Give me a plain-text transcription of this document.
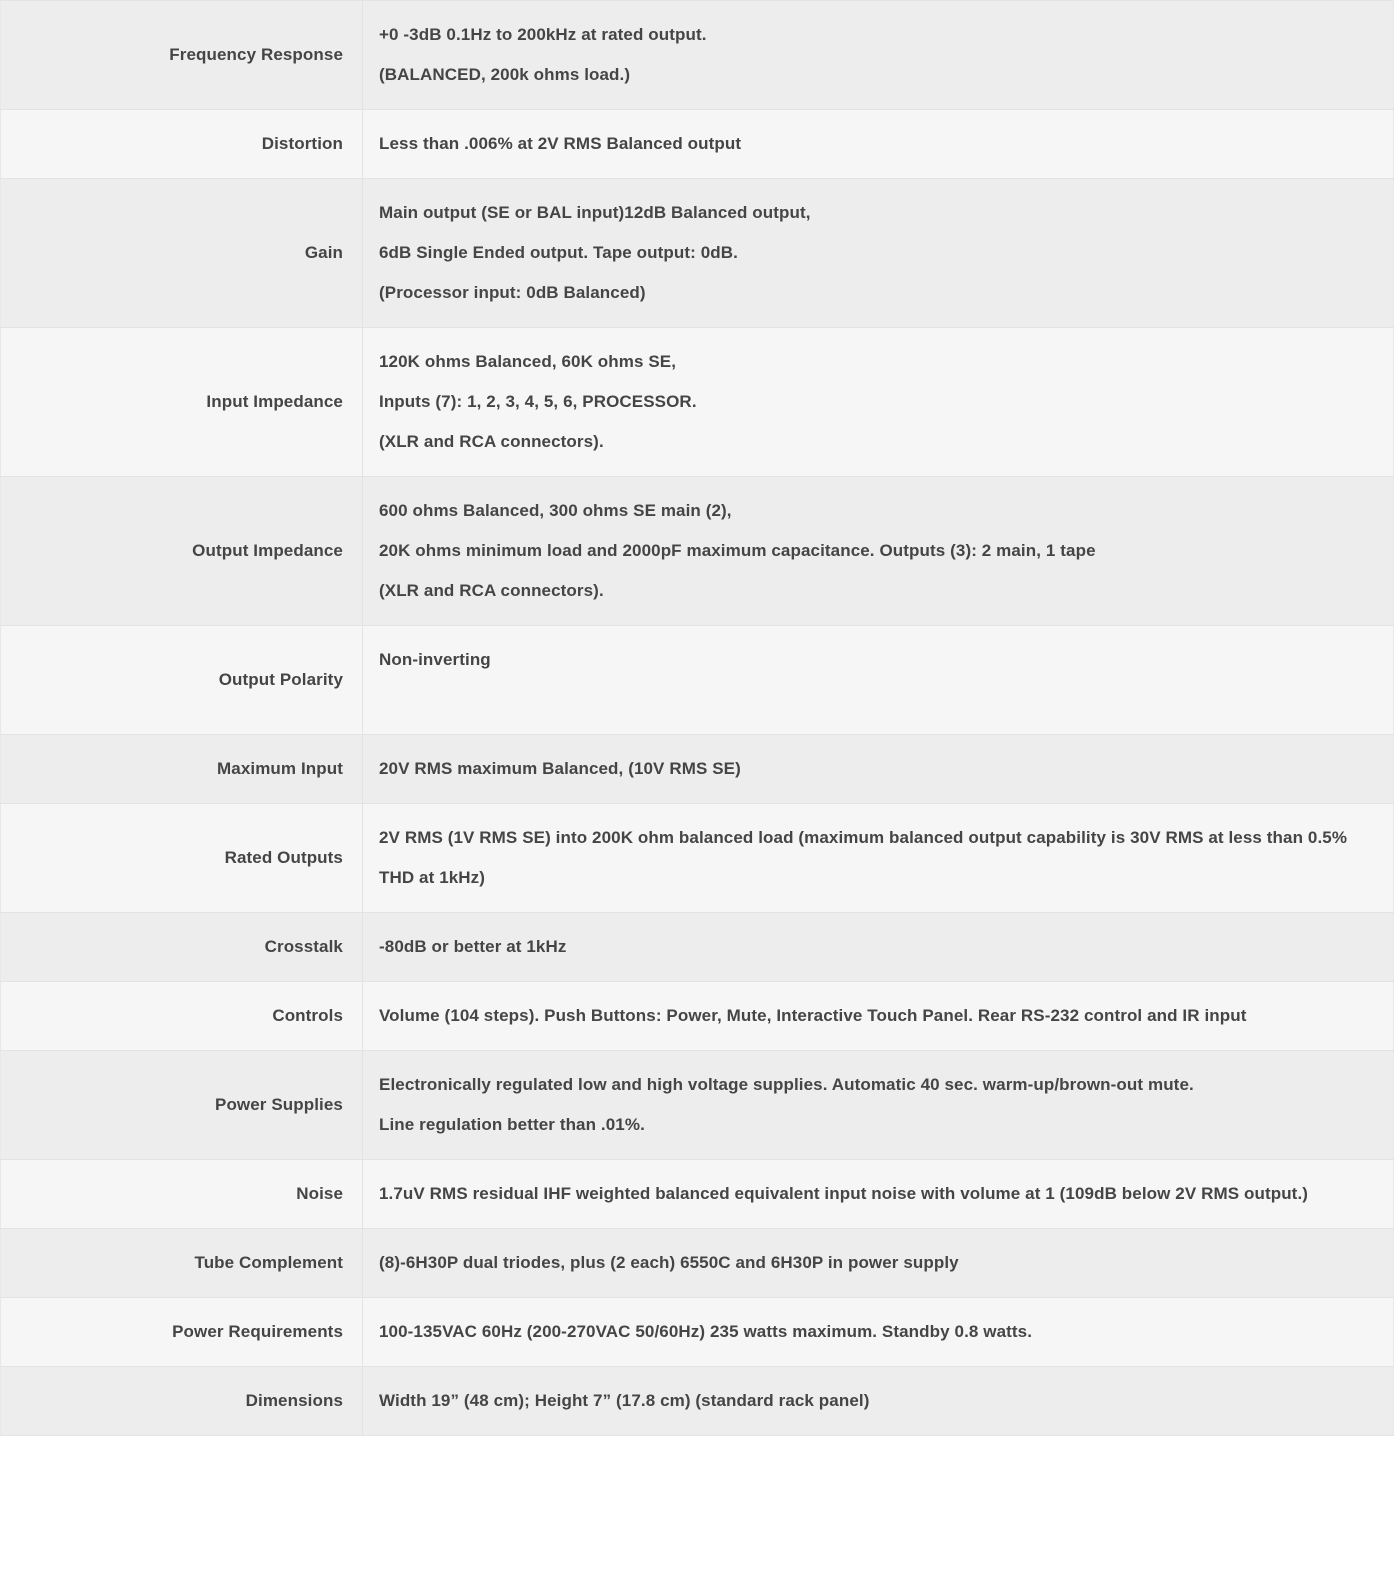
Frequency Response	+0 -3dB 0.1Hz to 200kHz at rated output.
(BALANCED, 200k ohms load.)

Distortion	Less than .006% at 2V RMS Balanced output

Gain	Main output (SE or BAL input)12dB Balanced output,
6dB Single Ended output. Tape output: 0dB.
(Processor input: 0dB Balanced)

Input Impedance	120K ohms Balanced, 60K ohms SE,
Inputs (7): 1, 2, 3, 4, 5, 6, PROCESSOR.
(XLR and RCA connectors).

Output Impedance	600 ohms Balanced, 300 ohms SE main (2),
20K ohms minimum load and 2000pF maximum capacitance. Outputs (3): 2 main, 1 tape
(XLR and RCA connectors).

Output Polarity	Non-inverting

Maximum Input	20V RMS maximum Balanced, (10V RMS SE)

Rated Outputs	2V RMS (1V RMS SE) into 200K ohm balanced load (maximum balanced output capability is 30V RMS at less than 0.5% THD at 1kHz)

Crosstalk	-80dB or better at 1kHz

Controls	Volume (104 steps). Push Buttons: Power, Mute, Interactive Touch Panel. Rear RS-232 control and IR input

Power Supplies	Electronically regulated low and high voltage supplies. Automatic 40 sec. warm-up/brown-out mute.
Line regulation better than .01%.

Noise	1.7uV RMS residual IHF weighted balanced equivalent input noise with volume at 1 (109dB below 2V RMS output.)

Tube Complement	(8)-6H30P dual triodes, plus (2 each) 6550C and 6H30P in power supply

Power Requirements	100-135VAC 60Hz (200-270VAC 50/60Hz) 235 watts maximum. Standby 0.8 watts.

Dimensions	Width 19” (48 cm); Height 7” (17.8 cm) (standard rack panel)
